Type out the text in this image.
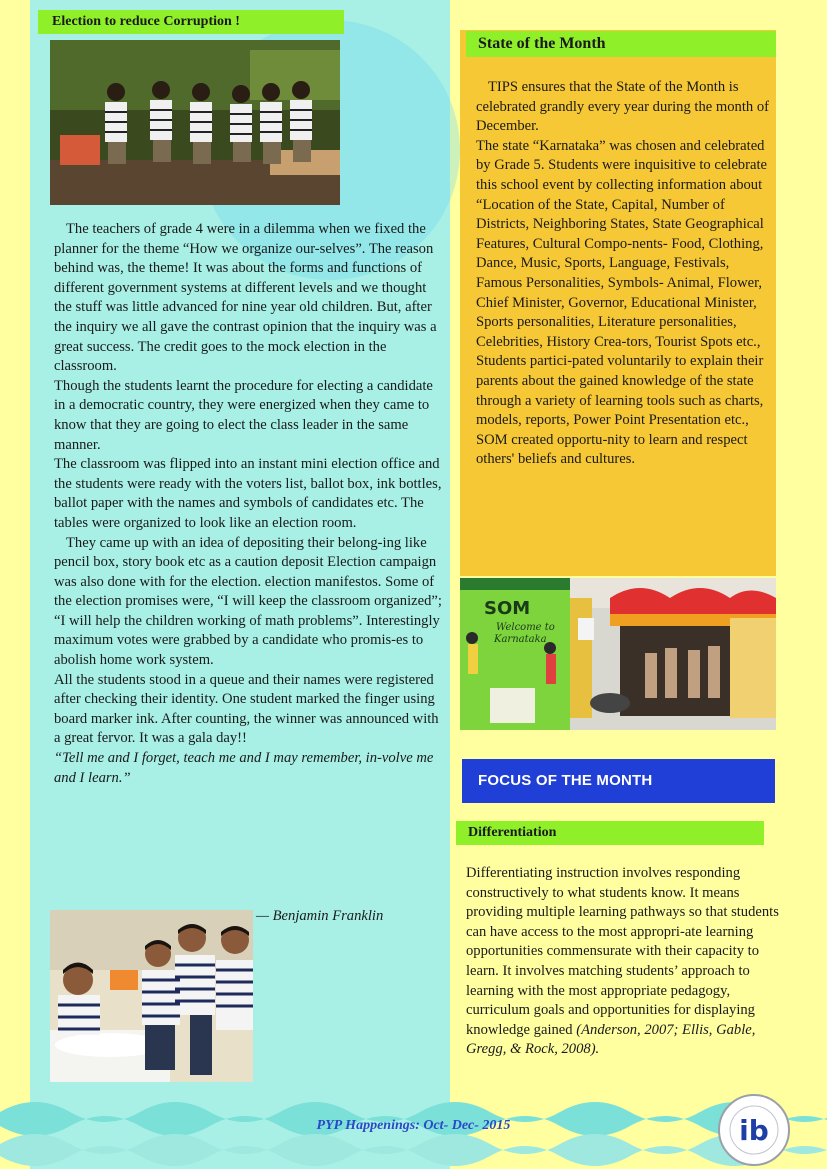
Election to reduce Corruption !

The teachers of grade 4 were in a dilemma when we fixed the planner for the theme “How we organize our-selves”. The reason behind was, the theme! It was about the forms and functions of different government systems at different levels and we thought the stuff was little advanced for nine year old children. But, after the inquiry we all gave the contrast opinion that the inquiry was a great success. The credit goes to the mock election in the classroom.

Though the students learnt the procedure for electing a candidate in a democratic country, they were energized when they came to know that they are going to elect the class leader in the same manner.

The classroom was flipped into an instant mini election office and the students were ready with the voters list, ballot box, ink bottles, ballot paper with the names and symbols of candidates etc. The tables were organized to look like an election room.

They came up with an idea of depositing their belong-ing like pencil box, story book etc as a caution deposit Election campaign was also done with for the election. election manifestos. Some of the election promises were, “I will keep the classroom organized”; “I will help the children working of math problems”. Interestingly maximum votes were grabbed by a candidate who promis-es to abolish home work system.

All the students stood in a queue and their names were registered after checking their identity. One student marked the finger using board marker ink. After counting, the winner was announced with a great fervor. It was a gala day!!

“Tell me and I forget, teach me and I may remember, in-volve me and I learn.”

— Benjamin Franklin
State of the Month

TIPS ensures that the State of the Month is celebrated grandly every year during the month of December.

The state “Karnataka” was chosen and celebrated by Grade 5. Students were inquisitive to celebrate this school event by collecting information about “Location of the State, Capital, Number of Districts, Neighboring States, State Geographical Features, Cultural Compo-nents- Food, Clothing, Dance, Music, Sports, Language, Festivals, Famous Personalities, Symbols- Animal, Flower, Chief Minister, Governor, Educational Minister, Sports personalities, Literature personalities, Celebrities, History Crea-tors, Tourist Spots etc., Students partici-pated voluntarily to explain their parents about the gained knowledge of the state through a variety of learning tools such as charts, models, reports, Power Point Presentation etc., SOM created opportu-nity to learn and respect others' beliefs and cultures.

SOM
Welcome to
Karnataka
FOCUS OF THE MONTH
Differentiation
Differentiating instruction involves responding constructively to what students know. It means providing multiple learning pathways so that students can have access to the most appropri-ate learning opportunities commensurate with their capacity to learn. It involves matching students’ approach to learning with the most appropriate pedagogy, curriculum goals and opportunities for displaying knowledge gained (Anderson, 2007; Ellis, Gable, Gregg, & Rock, 2008).
PYP Happenings: Oct- Dec- 2015	ib
